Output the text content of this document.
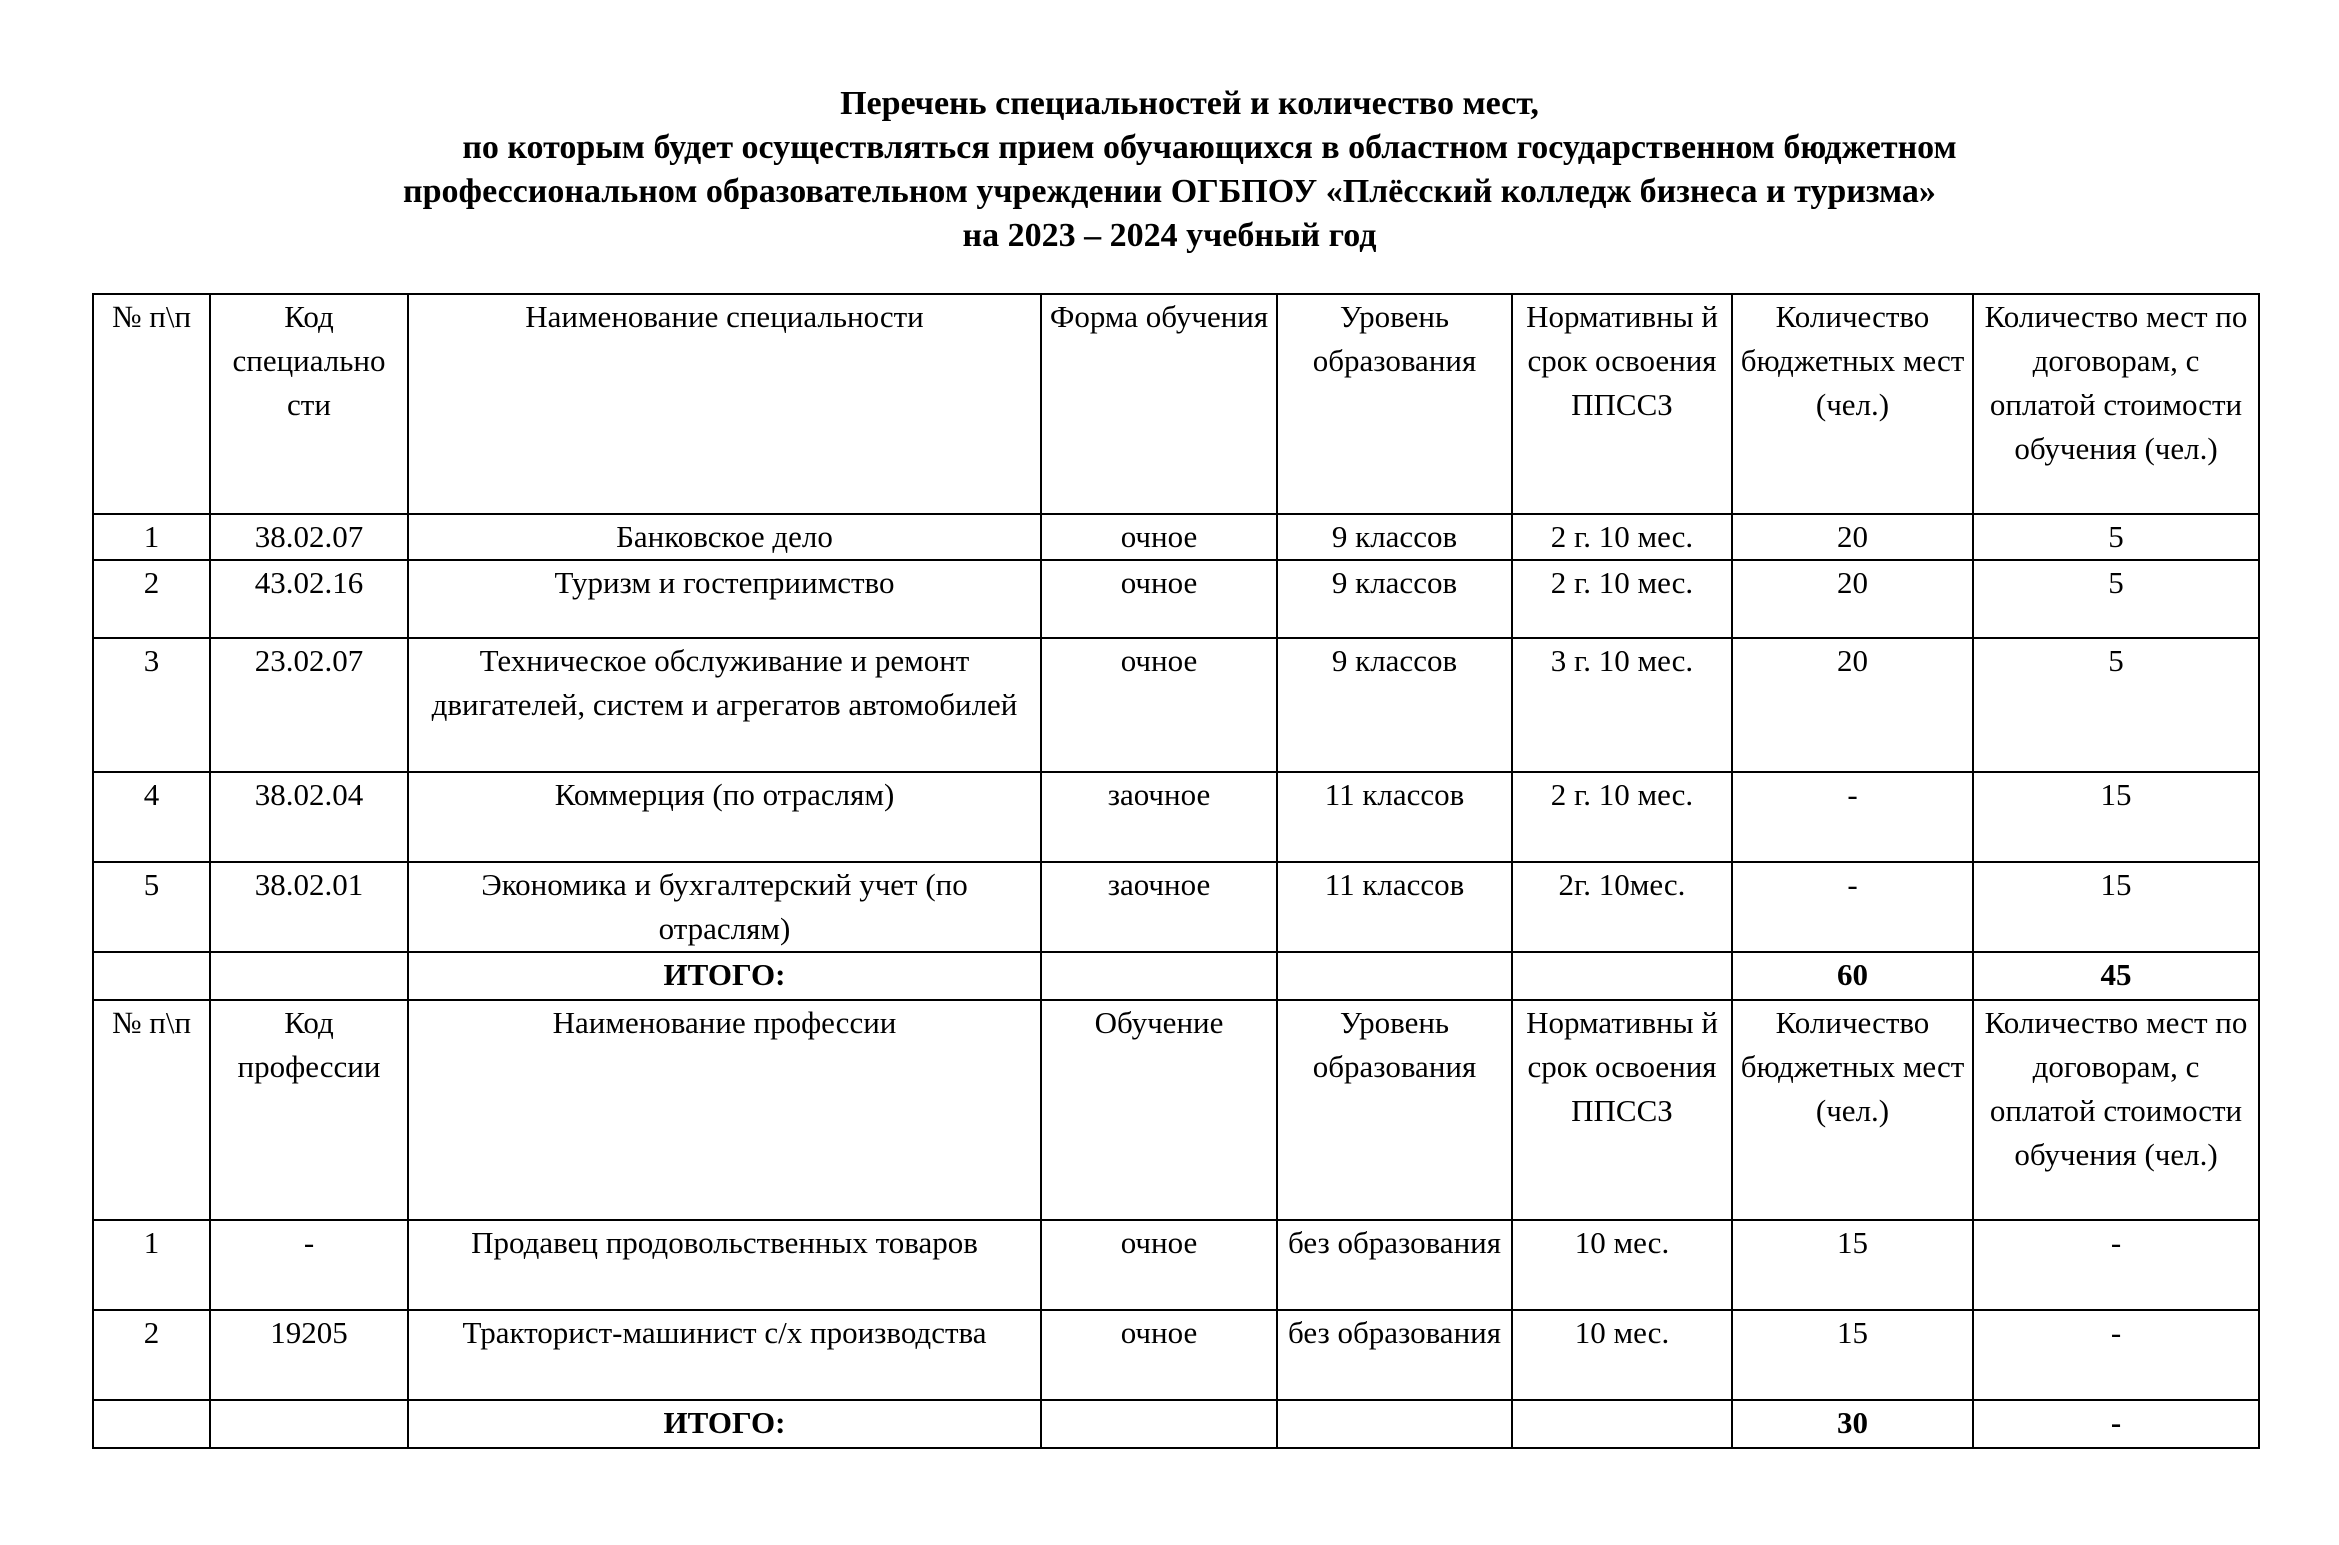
Перечень специальностей и количество мест,
по которым будет осуществляться прием обучающихся в областном государственном бюджетном
профессиональном образовательном учреждении ОГБПОУ «Плёсский колледж бизнеса и туризма»
на 2023 – 2024 учебный год
№ п\п	Код специально сти	Наименование специальности	Форма обучения	Уровень образования	Нормативны й срок освоения ППССЗ	Количество бюджетных мест (чел.)	Количество мест по договорам, с оплатой стоимости обучения (чел.)
1	38.02.07	Банковское дело	очное	9 классов	2 г. 10 мес.	20	5
2	43.02.16	Туризм и гостеприимство	очное	9 классов	2 г. 10 мес.	20	5
3	23.02.07	Техническое обслуживание и ремонт двигателей, систем и агрегатов автомобилей	очное	9 классов	3 г. 10 мес.	20	5
4	38.02.04	Коммерция (по отраслям)	заочное	11 классов	2 г. 10 мес.	-	15
5	38.02.01	Экономика и бухгалтерский учет (по отраслям)	заочное	11 классов	2г. 10мес.	-	15
		ИТОГО:				60	45
№ п\п	Код профессии	Наименование профессии	Обучение	Уровень образования	Нормативны й срок освоения ППССЗ	Количество бюджетных мест (чел.)	Количество мест по договорам, с оплатой стоимости обучения (чел.)
1	-	Продавец продовольственных товаров	очное	без образования	10 мес.	15	-
2	19205	Тракторист-машинист с/х производства	очное	без образования	10 мес.	15	-
		ИТОГО:				30	-
